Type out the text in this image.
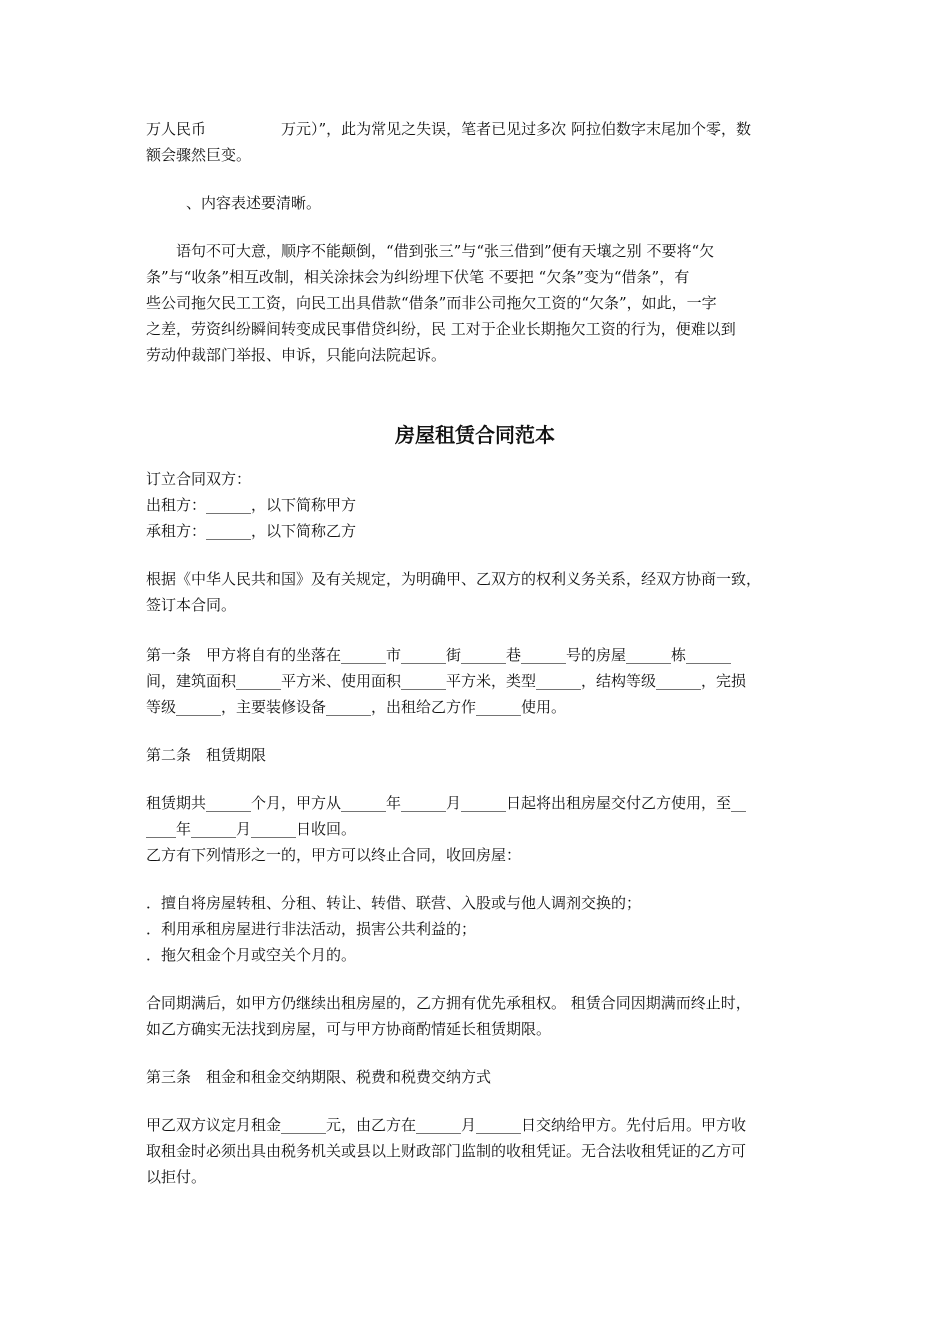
万人民币　　　　　万元）”，此为常见之失误，笔者已见过多次 阿拉伯数字末尾加个零，数
额会骤然巨变。
、内容表述要清晰。
语句不可大意，顺序不能颠倒，“借到张三”与“张三借到”便有天壤之别 不要将“欠
条”与“收条”相互改制，相关涂抹会为纠纷埋下伏笔 不要把 “欠条”变为“借条”，有
些公司拖欠民工工资，向民工出具借款“借条”而非公司拖欠工资的“欠条”，如此，一字
之差，劳资纠纷瞬间转变成民事借贷纠纷，民 工对于企业长期拖欠工资的行为，便难以到
劳动仲裁部门举报、申诉，只能向法院起诉。
房屋租赁合同范本
订立合同双方：
出租方：______，以下简称甲方
承租方：______，以下简称乙方
根据《中华人民共和国》及有关规定，为明确甲、乙双方的权利义务关系，经双方协商一致，
签订本合同。
第一条　甲方将自有的坐落在______市______街______巷______号的房屋______栋______
间，建筑面积______平方米、使用面积______平方米，类型______，结构等级______，完损
等级______，主要装修设备______，出租给乙方作______使用。
第二条　租赁期限
租赁期共______个月，甲方从______年______月______日起将出租房屋交付乙方使用，至__
____年______月______日收回。
乙方有下列情形之一的，甲方可以终止合同，收回房屋：
．擅自将房屋转租、分租、转让、转借、联营、入股或与他人调剂交换的；
．利用承租房屋进行非法活动，损害公共利益的；
．拖欠租金个月或空关个月的。
合同期满后，如甲方仍继续出租房屋的，乙方拥有优先承租权。 租赁合同因期满而终止时，
如乙方确实无法找到房屋，可与甲方协商酌情延长租赁期限。
第三条　租金和租金交纳期限、税费和税费交纳方式
甲乙双方议定月租金______元，由乙方在______月______日交纳给甲方。先付后用。甲方收
取租金时必须出具由税务机关或县以上财政部门监制的收租凭证。无合法收租凭证的乙方可
以拒付。
